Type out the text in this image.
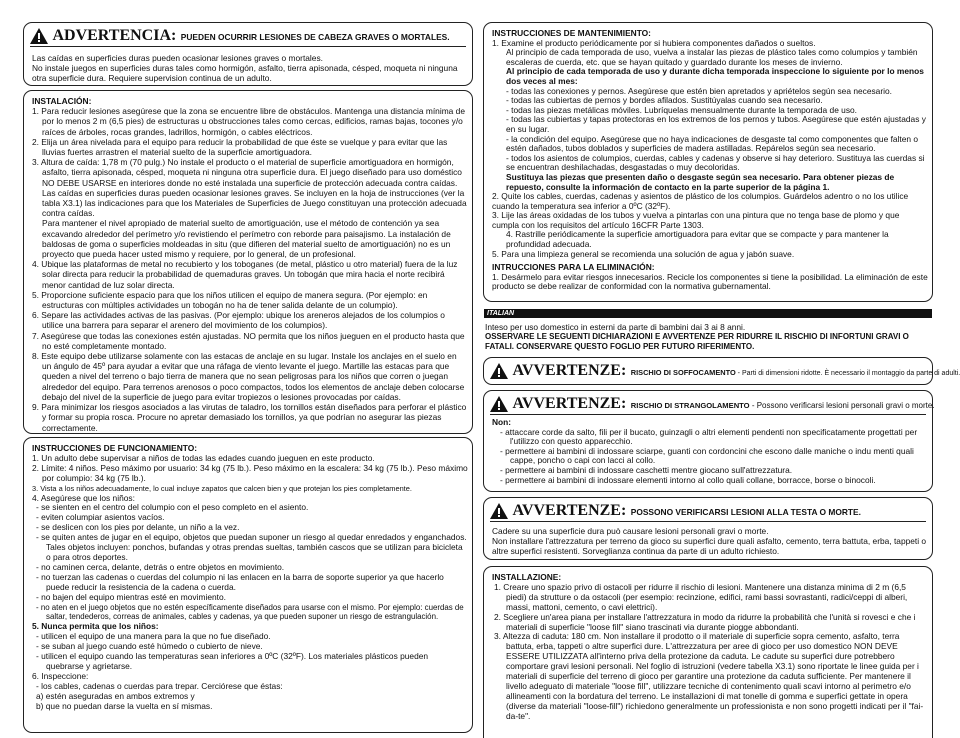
ADVERTENCIA: PUEDEN OCURRIR LESIONES DE CABEZA GRAVES O MORTALES.

Las caídas en superficies duras pueden ocasionar lesiones graves o mortales.
No instale juegos en superficies duras tales como hormigón, asfalto, tierra apisonada, césped, moqueta ni ninguna otra superficie dura. Requiere supervision continua de un adulto.

INSTALACIÓN:

1. Para reducir lesiones asegúrese que la zona se encuentre libre de obstáculos. Mantenga una distancia mínima de por lo menos 2 m (6,5 pies) de estructuras u obstrucciones tales como cercas, edificios, ramas bajas, tocones y/o raíces de árboles, rocas grandes, ladrillos, hormigón, o cables eléctricos.

2. Elija un área nivelada para el equipo para reducir la probabilidad de que éste se vuelque y para evitar que las lluvias fuertes arrastren el material suelto de la superficie amortiguadora.

3. Altura de caída: 1,78 m (70 pulg.) No instale el producto o el material de superficie amortiguadora en hormigón, asfalto, tierra apisonada, césped, moqueta ni ninguna otra superficie dura. El juego diseñado para uso doméstico NO DEBE USARSE en interiores donde no esté instalada una superficie de protección adecuada contra caídas. Las caídas en superficies duras pueden ocasionar lesiones graves. Se incluyen en la hoja de instrucciones (ver la tabla X3.1) las indicaciones para que los Materiales de Superficies de Juego constituyan una protección adecuada contra caídas.
Para mantener el nivel apropiado de material suelto de amortiguación, use el método de contención ya sea excavando alrededor del perímetro y/o revistiendo el perímetro con reborde para paisajismo. La instalación de baldosas de goma o superficies moldeadas in situ (que difieren del material suelto de amortiguación) no es un proyecto que pueda hacer usted mismo y requiere, por lo general, de un profesional.

4. Ubique las plataformas de metal no recubierto y los toboganes (de metal, plástico u otro material) fuera de la luz solar directa para reducir la probabilidad de quemaduras graves. Un tobogán que mira hacia el norte recibirá menor cantidad de luz solar directa.

5. Proporcione suficiente espacio para que los niños utilicen el equipo de manera segura. (Por ejemplo: en estructuras con múltiples actividades un tobogán no ha de tener salida delante de un columpio).

6. Separe las actividades activas de las pasivas. (Por ejemplo: ubique los areneros alejados de los columpios o utilice una barrera para separar el arenero del movimiento de los columpios).

7. Asegúrese que todas las conexiones estén ajustadas. NO permita que los niños jueguen en el producto hasta que no esté completamente montado.

8. Este equipo debe utilizarse solamente con las estacas de anclaje en su lugar. Instale los anclajes en el suelo en un ángulo de 45º para ayudar a evitar que una ráfaga de viento levante el juego. Martille las estacas para que queden a nivel del terreno o bajo tierra de manera que no sean peligrosas para los niños que corren o juegan alrededor del equipo. Para terrenos arenosos o poco compactos, todos los elementos de anclaje deben colocarse debajo del nivel de la superficie de juego para evitar tropiezos o lesiones provocadas por caídas.

9. Para minimizar los riesgos asociados a las virutas de taladro, los tornillos están diseñados para perforar el plástico y formar su propia rosca. Procure no apretar demasiado los tornillos, ya que podrían no asegurar las piezas correctamente.

INSTRUCCIONES DE FUNCIONAMIENTO:

1. Un adulto debe supervisar a niños de todas las edades cuando jueguen en este producto.

2. Límite: 4 niños. Peso máximo por usuario: 34 kg (75 lb.). Peso máximo en la escalera: 34 kg (75 lb.). Peso máximo por columpio: 34 kg (75 lb.).

3. Vista a los niños adecuadamente, lo cual incluye zapatos que calcen bien y que protejan los pies completamente.

4. Asegúrese que los niños:

- se sienten en el centro del columpio con el peso completo en el asiento.

- eviten columpiar asientos vacíos.

- se deslicen con los pies por delante, un niño a la vez.

- se quiten antes de jugar en el equipo, objetos que puedan suponer un riesgo al quedar enredados y enganchados. Tales objetos incluyen: ponchos, bufandas y otras prendas sueltas, también cascos que se utilizan para bicicleta o para otros deportes.

- no caminen cerca, delante, detrás o entre objetos en movimiento.

- no tuerzan las cadenas o cuerdas del columpio ni las enlacen en la barra de soporte superior ya que hacerlo puede reducir la resistencia de la cadena o cuerda.

- no bajen del equipo mientras esté en movimiento.

- no aten en el juego objetos que no estén específicamente diseñados para usarse con el mismo. Por ejemplo: cuerdas de saltar, tendederos, correas de animales, cables y cadenas, ya que pueden suponer un riesgo de estrangulación.

5. Nunca permita que los niños:

- utilicen el equipo de una manera para la que no fue diseñado.

- se suban al juego cuando esté húmedo o cubierto de nieve.

- utilicen el equipo cuando las temperaturas sean inferiores a 0ºC (32ºF). Los materiales plásticos pueden quebrarse y agrietarse.

6. Inspeccione:

- los cables, cadenas o cuerdas para trepar. Cerciórese que éstas:

a) estén aseguradas en ambos extremos y

b) que no puedan darse la vuelta en sí mismas.

INSTRUCCIONES DE MANTENIMIENTO:

1. Examine el producto periódicamente por si hubiera componentes dañados o sueltos.

Al principio de cada temporada de uso, vuelva a instalar las piezas de plástico tales como columpios y también escaleras de cuerda, etc. que se hayan quitado y guardado durante los meses de invierno.

Al principio de cada temporada de uso y durante dicha temporada inspeccione lo siguiente por lo menos dos veces al mes:

- todas las conexiones y pernos. Asegúrese que estén bien apretados y apriételos según sea necesario.

- todas las cubiertas de pernos y bordes afilados. Sustitúyalas cuando sea necesario.

- todas las piezas metálicas móviles. Lubríquelas mensualmente durante la temporada de uso.

- todas las cubiertas y tapas protectoras en los extremos de los pernos y tubos. Asegúrese que estén ajustadas y en su lugar.

- la condición del equipo. Asegúrese que no haya indicaciones de desgaste tal como componentes que falten o estén dañados, tubos doblados y superficies de madera astilladas. Repárelos según sea necesario.

- todos los asientos de columpios, cuerdas, cables y cadenas y observe si hay deterioro. Sustituya las cuerdas si se encuentran deshilachadas, desgastadas o muy decoloridas.

Sustituya las piezas que presenten daño o desgaste según sea necesario. Para obtener piezas de repuesto, consulte la información de contacto en la parte superior de la página 1.

2. Quite los cables, cuerdas, cadenas y asientos de plástico de los columpios. Guárdelos adentro o no los utilice cuando la temperatura sea inferior a 0ºC (32ºF).

3. Lije las áreas oxidadas de los tubos y vuelva a pintarlas con una pintura que no tenga base de plomo y que cumpla con los requisitos del artículo 16CFR Parte 1303.

4. Rastrille periódicamente la superficie amortiguadora para evitar que se compacte y para mantener la profundidad adecuada.

5. Para una limpieza general se recomienda una solución de agua y jabón suave.

INTRUCCIONES PARA LA ELIMINACIÓN:

1. Desármelo para evitar riesgos innecesarios. Recicle los componentes si tiene la posibilidad. La eliminación de este producto se debe realizar de conformidad con la normativa gubernamental.

ITALIAN

Inteso per uso domestico in esterni da parte di bambini dai 3 ai 8 anni.

OSSERVARE LE SEGUENTI DICHIARAZIONI E AVVERTENZE PER RIDURRE IL RISCHIO DI INFORTUNI GRAVI O FATALI. CONSERVARE QUESTO FOGLIO PER FUTURO RIFERIMENTO.

AVVERTENZE: RISCHIO DI SOFFOCAMENTO - Parti di dimensioni ridotte. È necessario il montaggio da parte di adulti.
AVVERTENZE: RISCHIO DI STRANGOLAMENTO - Possono verificarsi lesioni personali gravi o morte.
Non:

- attaccare corde da salto, fili per il bucato, guinzagli o altri elementi pendenti non specificatamente progettati per l'utilizzo con questo apparecchio.

- permettere ai bambini di indossare sciarpe, guanti con cordoncini che escono dalle maniche o indu menti quali cappe, poncho o capi con lacci al collo.

- permettere ai bambini di indossare caschetti mentre giocano sull'attrezzatura.

- permettere ai bambini di indossare elementi intorno al collo quali collane, borracce, borse o binocoli.

AVVERTENZE: POSSONO VERIFICARSI LESIONI ALLA TESTA O MORTE.

Cadere su una superficie dura può causare lesioni personali gravi o morte.
Non installare l'attrezzatura per terreno da gioco su superfici dure quali asfalto, cemento, terra battuta, erba, tappeti o altre superfici resistenti. Sorveglianza continua da parte di un adulto richiesto.

INSTALLAZIONE:

1. Creare uno spazio privo di ostacoli per ridurre il rischio di lesioni. Mantenere una distanza minima di 2 m (6,5 piedi) da strutture o da ostacoli (per esempio: recinzione, edifici, rami bassi sovrastanti, radici/ceppi di alberi, massi, mattoni, cemento, o cavi elettrici).

2. Scegliere un'area piana per installare l'attrezzatura in modo da ridurre la probabilità che l'unità si rovesci e che i materiali di superficie "loose fill" siano trascinati via durante piogge abbondanti.

3. Altezza di caduta: 180 cm. Non installare il prodotto o il materiale di superficie sopra cemento, asfalto, terra battuta, erba, tappeti o altre superfici dure. L'attrezzatura per aree di gioco per uso domestico NON DEVE ESSERE UTILIZZATA all'interno priva della protezione da caduta. Le cadute su superfici dure potrebbero comportare gravi lesioni personali. Nel foglio di istruzioni (vedere tabella X3.1) sono riportate le linee guida per i materiali di superficie del terreno di gioco per garantire una protezione da caduta sufficiente. Per mantenere il livello adeguato di materiale "loose fill", utilizzare tecniche di contenimento quali scavi intorno al perimetro e/o allineamenti con la bordatura del terreno. Le installazioni di mat tonelle di gomma e superfici gettate in opera (diverse da materiali "loose-fill") richiedono generalmente un professionista e non sono progetti indicati per il "fai-da-te".
